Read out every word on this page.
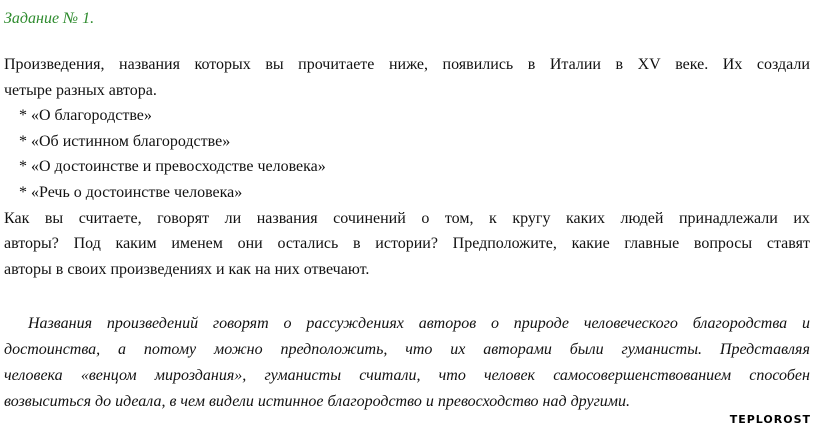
Задание № 1.
Произведения, названия которых вы прочитаете ниже, появились в Италии в XV веке. Их создали
четыре разных автора.
* «О благородстве»
* «Об истинном благородстве»
* «О достоинстве и превосходстве человека»
* «Речь о достоинстве человека»
Как вы считаете, говорят ли названия сочинений о том, к кругу каких людей принадлежали их
авторы? Под каким именем они остались в истории? Предположите, какие главные вопросы ставят
авторы в своих произведениях и как на них отвечают.
Названия произведений говорят о рассуждениях авторов о природе человеческого благородства и
достоинства, а потому можно предположить, что их авторами были гуманисты. Представляя
человека «венцом мироздания», гуманисты считали, что человек самосовершенствованием способен
возвыситься до идеала, в чем видели истинное благородство и превосходство над другими.
TEPLOROST
